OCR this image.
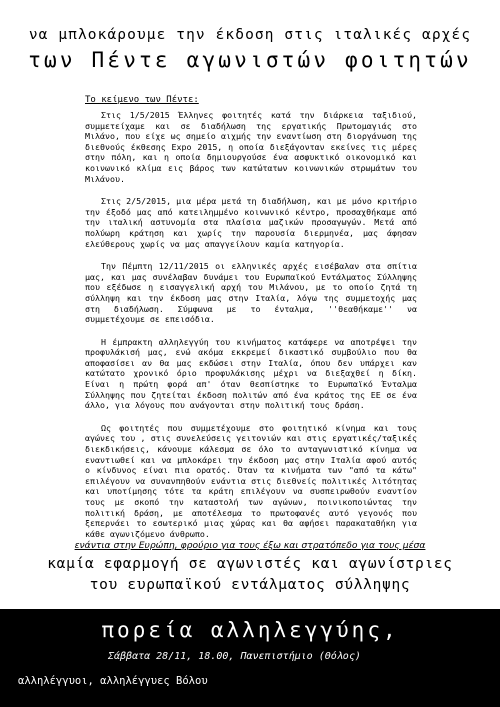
να μπλοκάρουμε την έκδοση στις ιταλικές αρχές
των Πέντε αγωνιστών φοιτητών
Το κείμενο των Πέντε:

Στις 1/5/2015 Έλληνες φοιτητές κατά την διάρκεια ταξιδιού, συμμετείχαμε και σε διαδήλωση της εργατικής Πρωτομαγιάς στο Μιλάνο, που είχε ως σημείο αιχμής την εναντίωση στη διοργάνωση της διεθνούς έκθεσης Expo 2015, η οποία διεξάγονταν εκείνες τις μέρες στην πόλη, και η οποία δημιουργούσε ένα ασφυκτικό οικονομικό και κοινωνικό κλίμα εις βάρος των κατώτατων κοινωνικών στρωμάτων του Μιλάνου.

Στις 2/5/2015, μια μέρα μετά τη διαδήλωση, και με μόνο κριτήριο την έξοδό μας από κατειλημμένο κοινωνικό κέντρο, προσαχθήκαμε από την ιταλική αστυνομία στα πλαίσια μαζικών προσαγωγών. Μετά από πολύωρη κράτηση και χωρίς την παρουσία διερμηνέα, μας άφησαν ελεύθερους χωρίς να μας απαγγείλουν καμία κατηγορία.

Την Πέμπτη 12/11/2015 οι ελληνικές αρχές εισέβαλαν στα σπίτια μας, και μας συνέλαβαν δυνάμει του Ευρωπαϊκού Εντάλματος Σύλληψης που εξέδωσε η εισαγγελική αρχή του Μιλάνου, με το οποίο ζητά τη σύλληψη και την έκδοση μας στην Ιταλία, λόγω της συμμετοχής μας στη διαδήλωση. Σύμφωνα με το ένταλμα, ''θεαθήκαμε'' να συμμετέχουμε σε επεισόδια.

Η έμπρακτη αλληλεγγύη του κινήματος κατάφερε να αποτρέψει την προφυλάκισή μας, ενώ ακόμα εκκρεμεί δικαστικό συμβούλιο που θα αποφασίσει αν θα μας εκδώσει στην Ιταλία, όπου δεν υπάρχει καν κατώτατο χρονικό όριο προφυλάκισης μέχρι να διεξαχθεί η δίκη. Είναι η πρώτη φορά απ' όταν θεσπίστηκε το Ευρωπαϊκό Ένταλμα Σύλληψης που ζητείται έκδοση πολιτών από ένα κράτος της ΕΕ σε ένα άλλο, για λόγους που ανάγονται στην πολιτική τους δράση.

Ως φοιτητές που συμμετέχουμε στο φοιτητικό κίνημα και τους αγώνες του , στις συνελεύσεις γειτονιών και στις εργατικές/ταξικές διεκδικήσεις, κάνουμε κάλεσμα σε όλο το ανταγωνιστικό κίνημα να εναντιωθεί και να μπλοκάρει την έκδοση μας στην Ιταλία αφού αυτός ο κίνδυνος είναι πια ορατός. Όταν τα κινήματα των "από τα κάτω" επιλέγουν να συνανπηθούν ενάντια στις διεθνείς πολιτικές λιτότητας και υποτίμησης τότε τα κράτη επιλέγουν να συσπειρωθούν εναντίον τους με σκοπό την καταστολή των αγώνων, ποινικοποιώντας την πολιτική δράση, με αποτέλεσμα το πρωτοφανές αυτό γεγονός που ξεπερνάει το εσωτερικό μιας χώρας και θα αφήσει παρακαταθήκη για κάθε αγωνιζόμενο άνθρωπο.

ενάντια στην Ευρώπη, φρούριο για τους έξω και στρατόπεδο για τους μέσα
καμία εφαρμογή σε αγωνιστές και αγωνίστριες
του ευρωπαϊκού εντάλματος σύλληψης
πορεία αλληλεγγύης,
Σάββατα 28/11, 18.00, Πανεπιστήμιο (Θόλος)
αλληλέγγυοι, αλληλέγγυες Βόλου
